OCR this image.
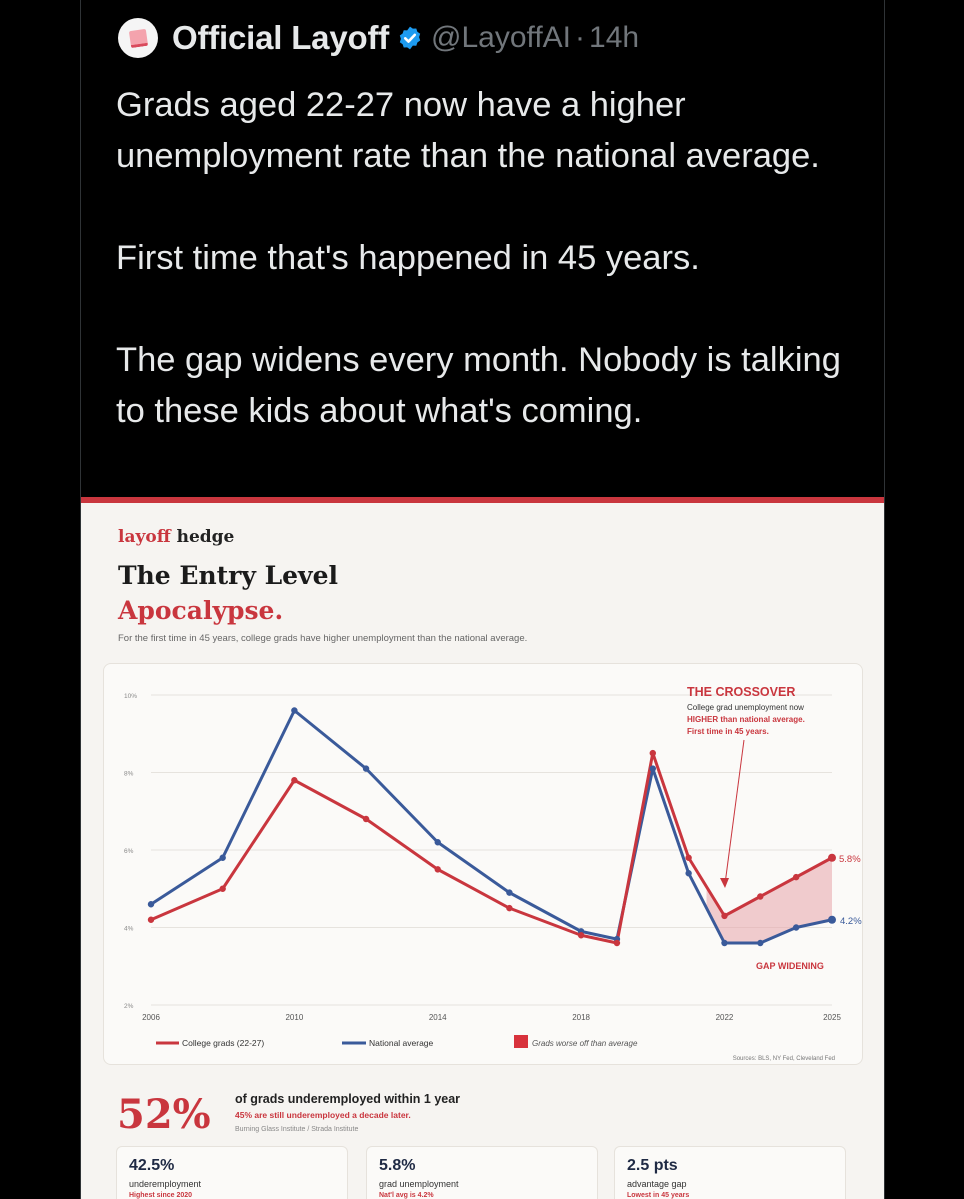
Official Layoff @LayoffAI · 14h

Grads aged 22-27 now have a higher unemployment rate than the national average.

First time that's happened in 45 years.

The gap widens every month. Nobody is talking to these kids about what's coming.

layoff hedge
The Entry Level
Apocalypse.
For the first time in 45 years, college grads have higher unemployment than the national average.
2006	2010	2014	2018	2022	2025
2%
4%
6%
8%
10%	THE CROSSOVER
College grad unemployment now
HIGHER than national average.
First time in 45 years.
GAP WIDENING
5.8%
4.2%
College grads (22-27)	National average	Grads worse off than average
Sources: BLS, NY Fed, Cleveland Fed
52% of grads underemployed within 1 year
45% are still underemployed a decade later.
Burning Glass Institute / Strada Institute
42.5%
underemployment
Highest since 2020
5.8%
grad unemployment
Nat'l avg is 4.2%
2.5 pts
advantage gap
Lowest in 45 years
